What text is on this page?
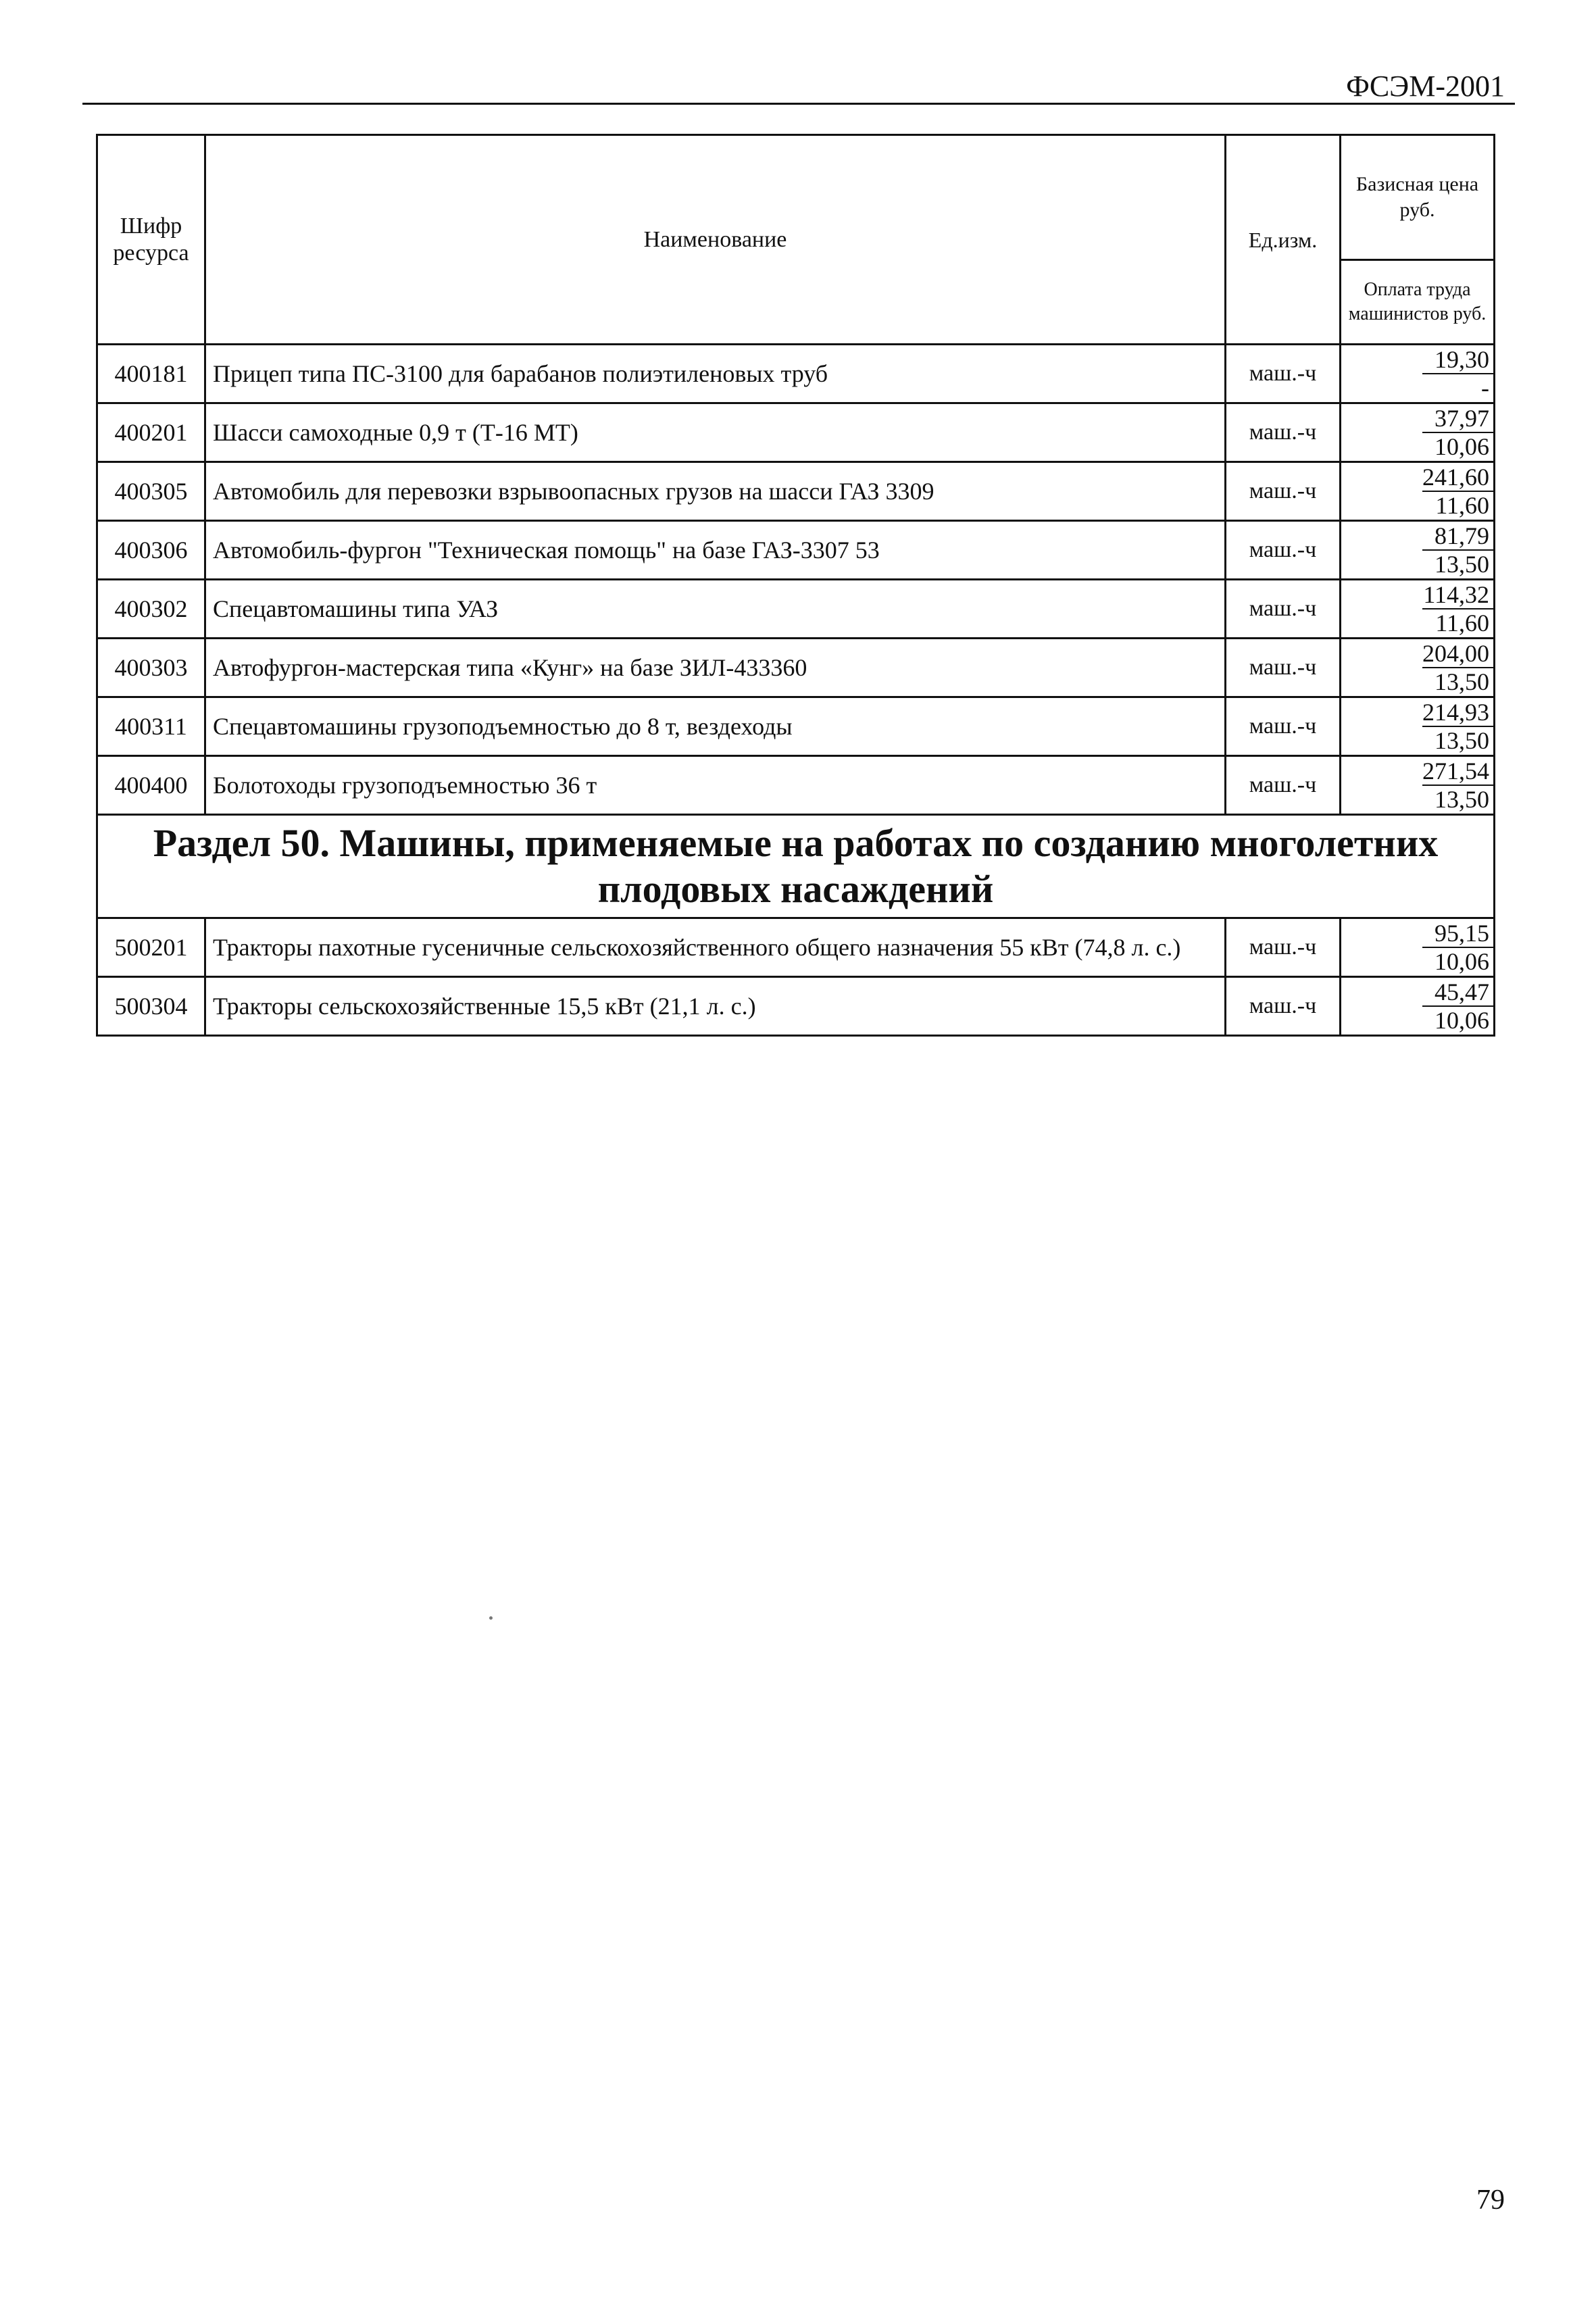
ФСЭМ-2001
Шифр ресурса	Наименование	Ед.изм.	Базисная цена руб.
			Оплата труда машинистов руб.
400181	Прицеп типа ПС-3100 для барабанов полиэтиленовых труб	маш.-ч	19,30
-

400201	Шасси самоходные 0,9 т (Т-16 МТ)	маш.-ч	37,97
10,06

400305	Автомобиль для перевозки взрывоопасных грузов на шасси ГАЗ 3309	маш.-ч	241,60
11,60

400306	Автомобиль-фургон "Техническая помощь" на базе ГАЗ-3307 53	маш.-ч	81,79
13,50

400302	Спецавтомашины типа УАЗ	маш.-ч	114,32
11,60

400303	Автофургон-мастерская типа «Кунг» на базе ЗИЛ-433360	маш.-ч	204,00
13,50

400311	Спецавтомашины грузоподъемностью до 8 т, вездеходы	маш.-ч	214,93
13,50

400400	Болотоходы грузоподъемностью 36 т	маш.-ч	271,54
13,50

Раздел 50. Машины, применяемые на работах по созданию многолетних плодовых насаждений			
500201	Тракторы пахотные гусеничные сельскохозяйственного общего назначения 55 кВт (74,8 л. с.)	маш.-ч	95,15
10,06

500304	Тракторы сельскохозяйственные 15,5 кВт (21,1 л. с.)	маш.-ч	45,47
10,06
79
